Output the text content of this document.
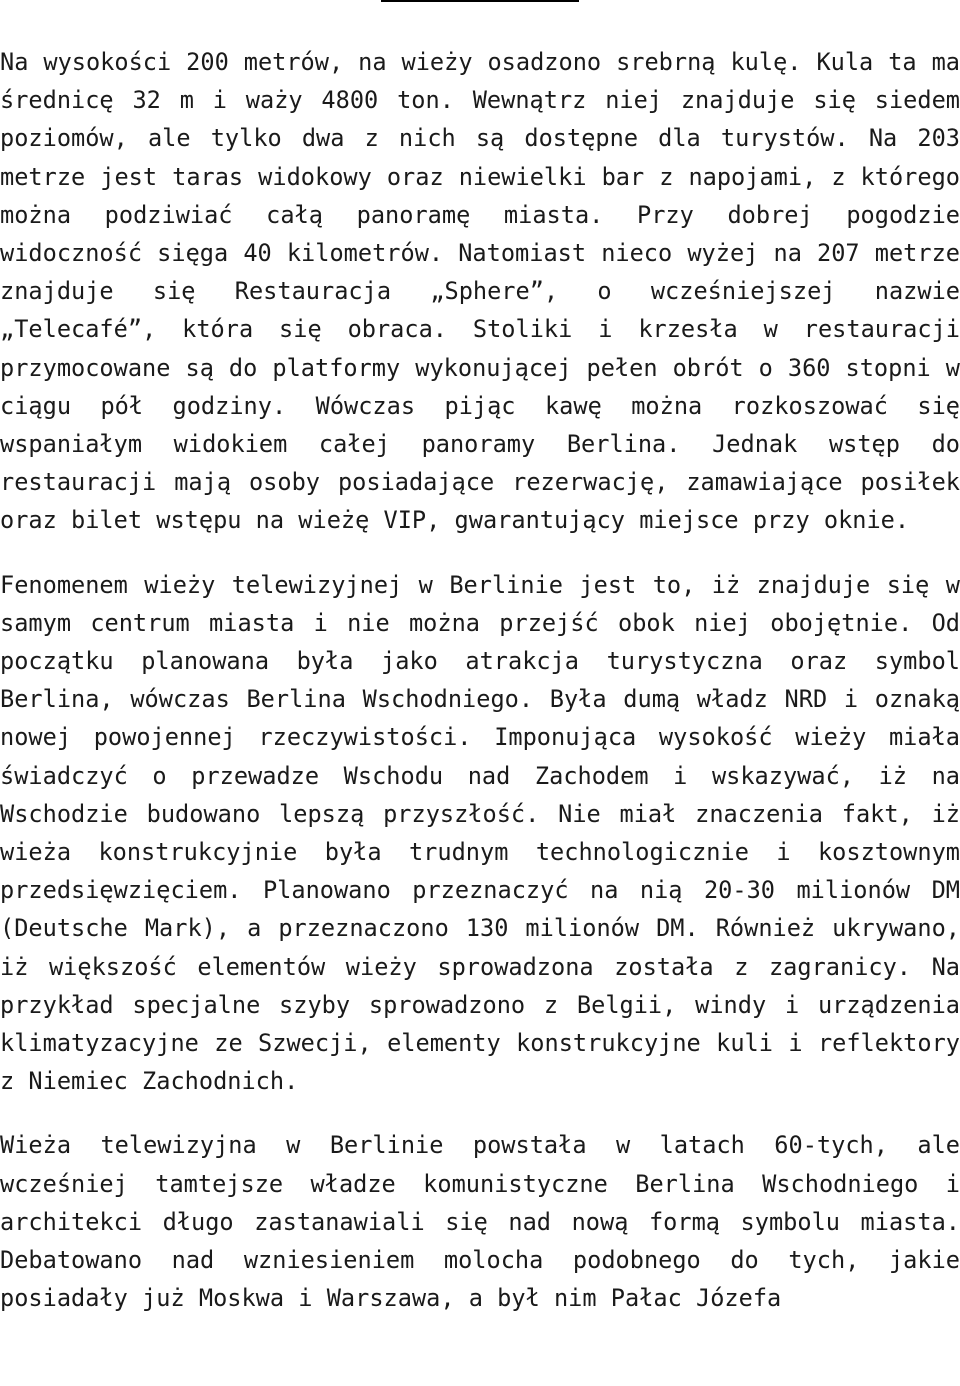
Na wysokości 200 metrów, na wieży osadzono srebrną kulę. Kula ta ma średnicę 32 m i waży 4800 ton. Wewnątrz niej znajduje się siedem poziomów, ale tylko dwa z nich są dostępne dla turystów. Na 203 metrze jest taras widokowy oraz niewielki bar z napojami, z którego można podziwiać całą panoramę miasta. Przy dobrej pogodzie widoczność sięga 40 kilometrów. Natomiast nieco wyżej na 207 metrze znajduje się Restauracja „Sphere”, o wcześniejszej nazwie „Telecafé”, która się obraca. Stoliki i krzesła w restauracji przymocowane są do platformy wykonującej pełen obrót o 360 stopni w ciągu pół godziny. Wówczas pijąc kawę można rozkoszować się wspaniałym widokiem całej panoramy Berlina. Jednak wstęp do restauracji mają osoby posiadające rezerwację, zamawiające posiłek oraz bilet wstępu na wieżę VIP, gwarantujący miejsce przy oknie.

Fenomenem wieży telewizyjnej w Berlinie jest to, iż znajduje się w samym centrum miasta i nie można przejść obok niej obojętnie. Od początku planowana była jako atrakcja turystyczna oraz symbol Berlina, wówczas Berlina Wschodniego. Była dumą władz NRD i oznaką nowej powojennej rzeczywistości. Imponująca wysokość wieży miała świadczyć o przewadze Wschodu nad Zachodem i wskazywać, iż na Wschodzie budowano lepszą przyszłość. Nie miał znaczenia fakt, iż wieża konstrukcyjnie była trudnym technologicznie i kosztownym przedsięwzięciem. Planowano przeznaczyć na nią 20-30 milionów DM (Deutsche Mark), a przeznaczono 130 milionów DM. Również ukrywano, iż większość elementów wieży sprowadzona została z zagranicy. Na przykład specjalne szyby sprowadzono z Belgii, windy i urządzenia klimatyzacyjne ze Szwecji, elementy konstrukcyjne kuli i reflektory z Niemiec Zachodnich.

Wieża telewizyjna w Berlinie powstała w latach 60-tych, ale wcześniej tamtejsze władze komunistyczne Berlina Wschodniego i architekci długo zastanawiali się nad nową formą symbolu miasta. Debatowano nad wzniesieniem molocha podobnego do tych, jakie posiadały już Moskwa i Warszawa, a był nim Pałac Józefa
